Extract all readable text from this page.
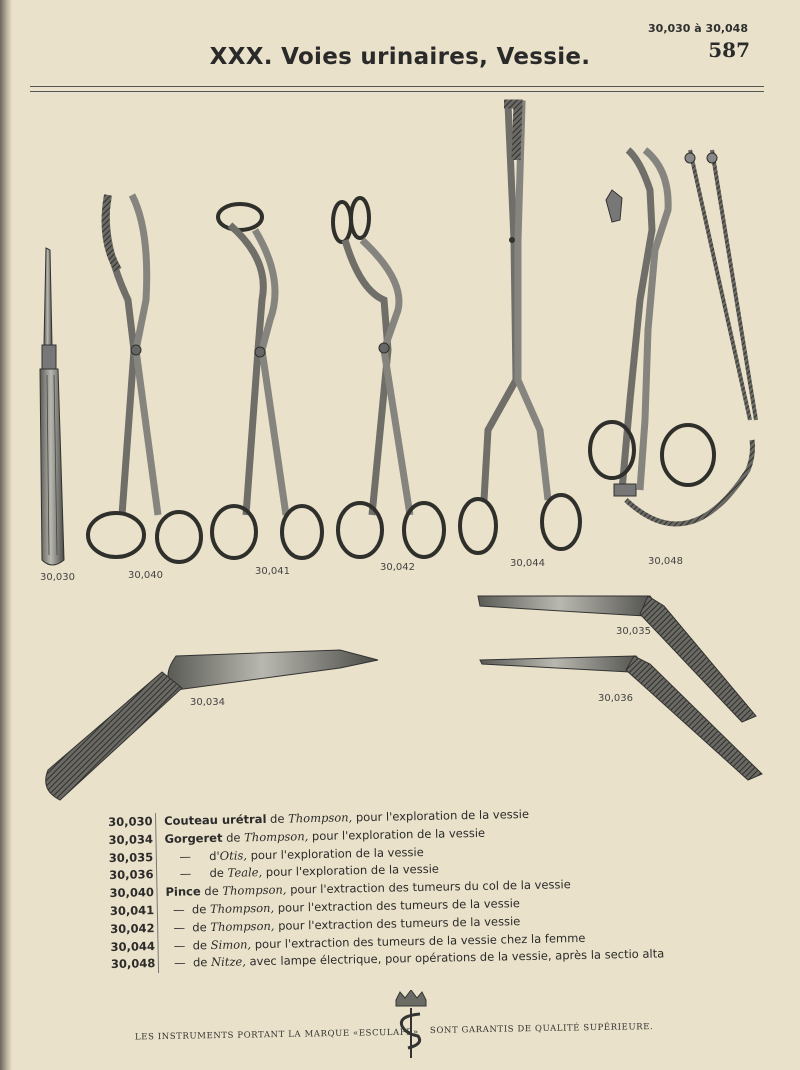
30,030 à 30,048
587
XXX. Voies urinaires, Vessie.
30,030	30,040	30,041	30,042	30,044	30,048
30,035
30,034	30,036
30,030 Couteau urétral de Thompson, pour l'exploration de la vessie
30,034 Gorgeret de Thompson, pour l'exploration de la vessie
30,035 —     d'Otis, pour l'exploration de la vessie
30,036 —     de Teale, pour l'exploration de la vessie
30,040 Pince de Thompson, pour l'extraction des tumeurs du col de la vessie
30,041 —  de Thompson, pour l'extraction des tumeurs de la vessie
30,042 —  de Thompson, pour l'extraction des tumeurs de la vessie
30,044 —  de Simon, pour l'extraction des tumeurs de la vessie chez la femme
30,048 —  de Nitze, avec lampe électrique, pour opérations de la vessie, après la sectio alta
LES INSTRUMENTS PORTANT LA MARQUE «ESCULAPE» SONT GARANTIS DE QUALITÉ SUPÉRIEURE.
